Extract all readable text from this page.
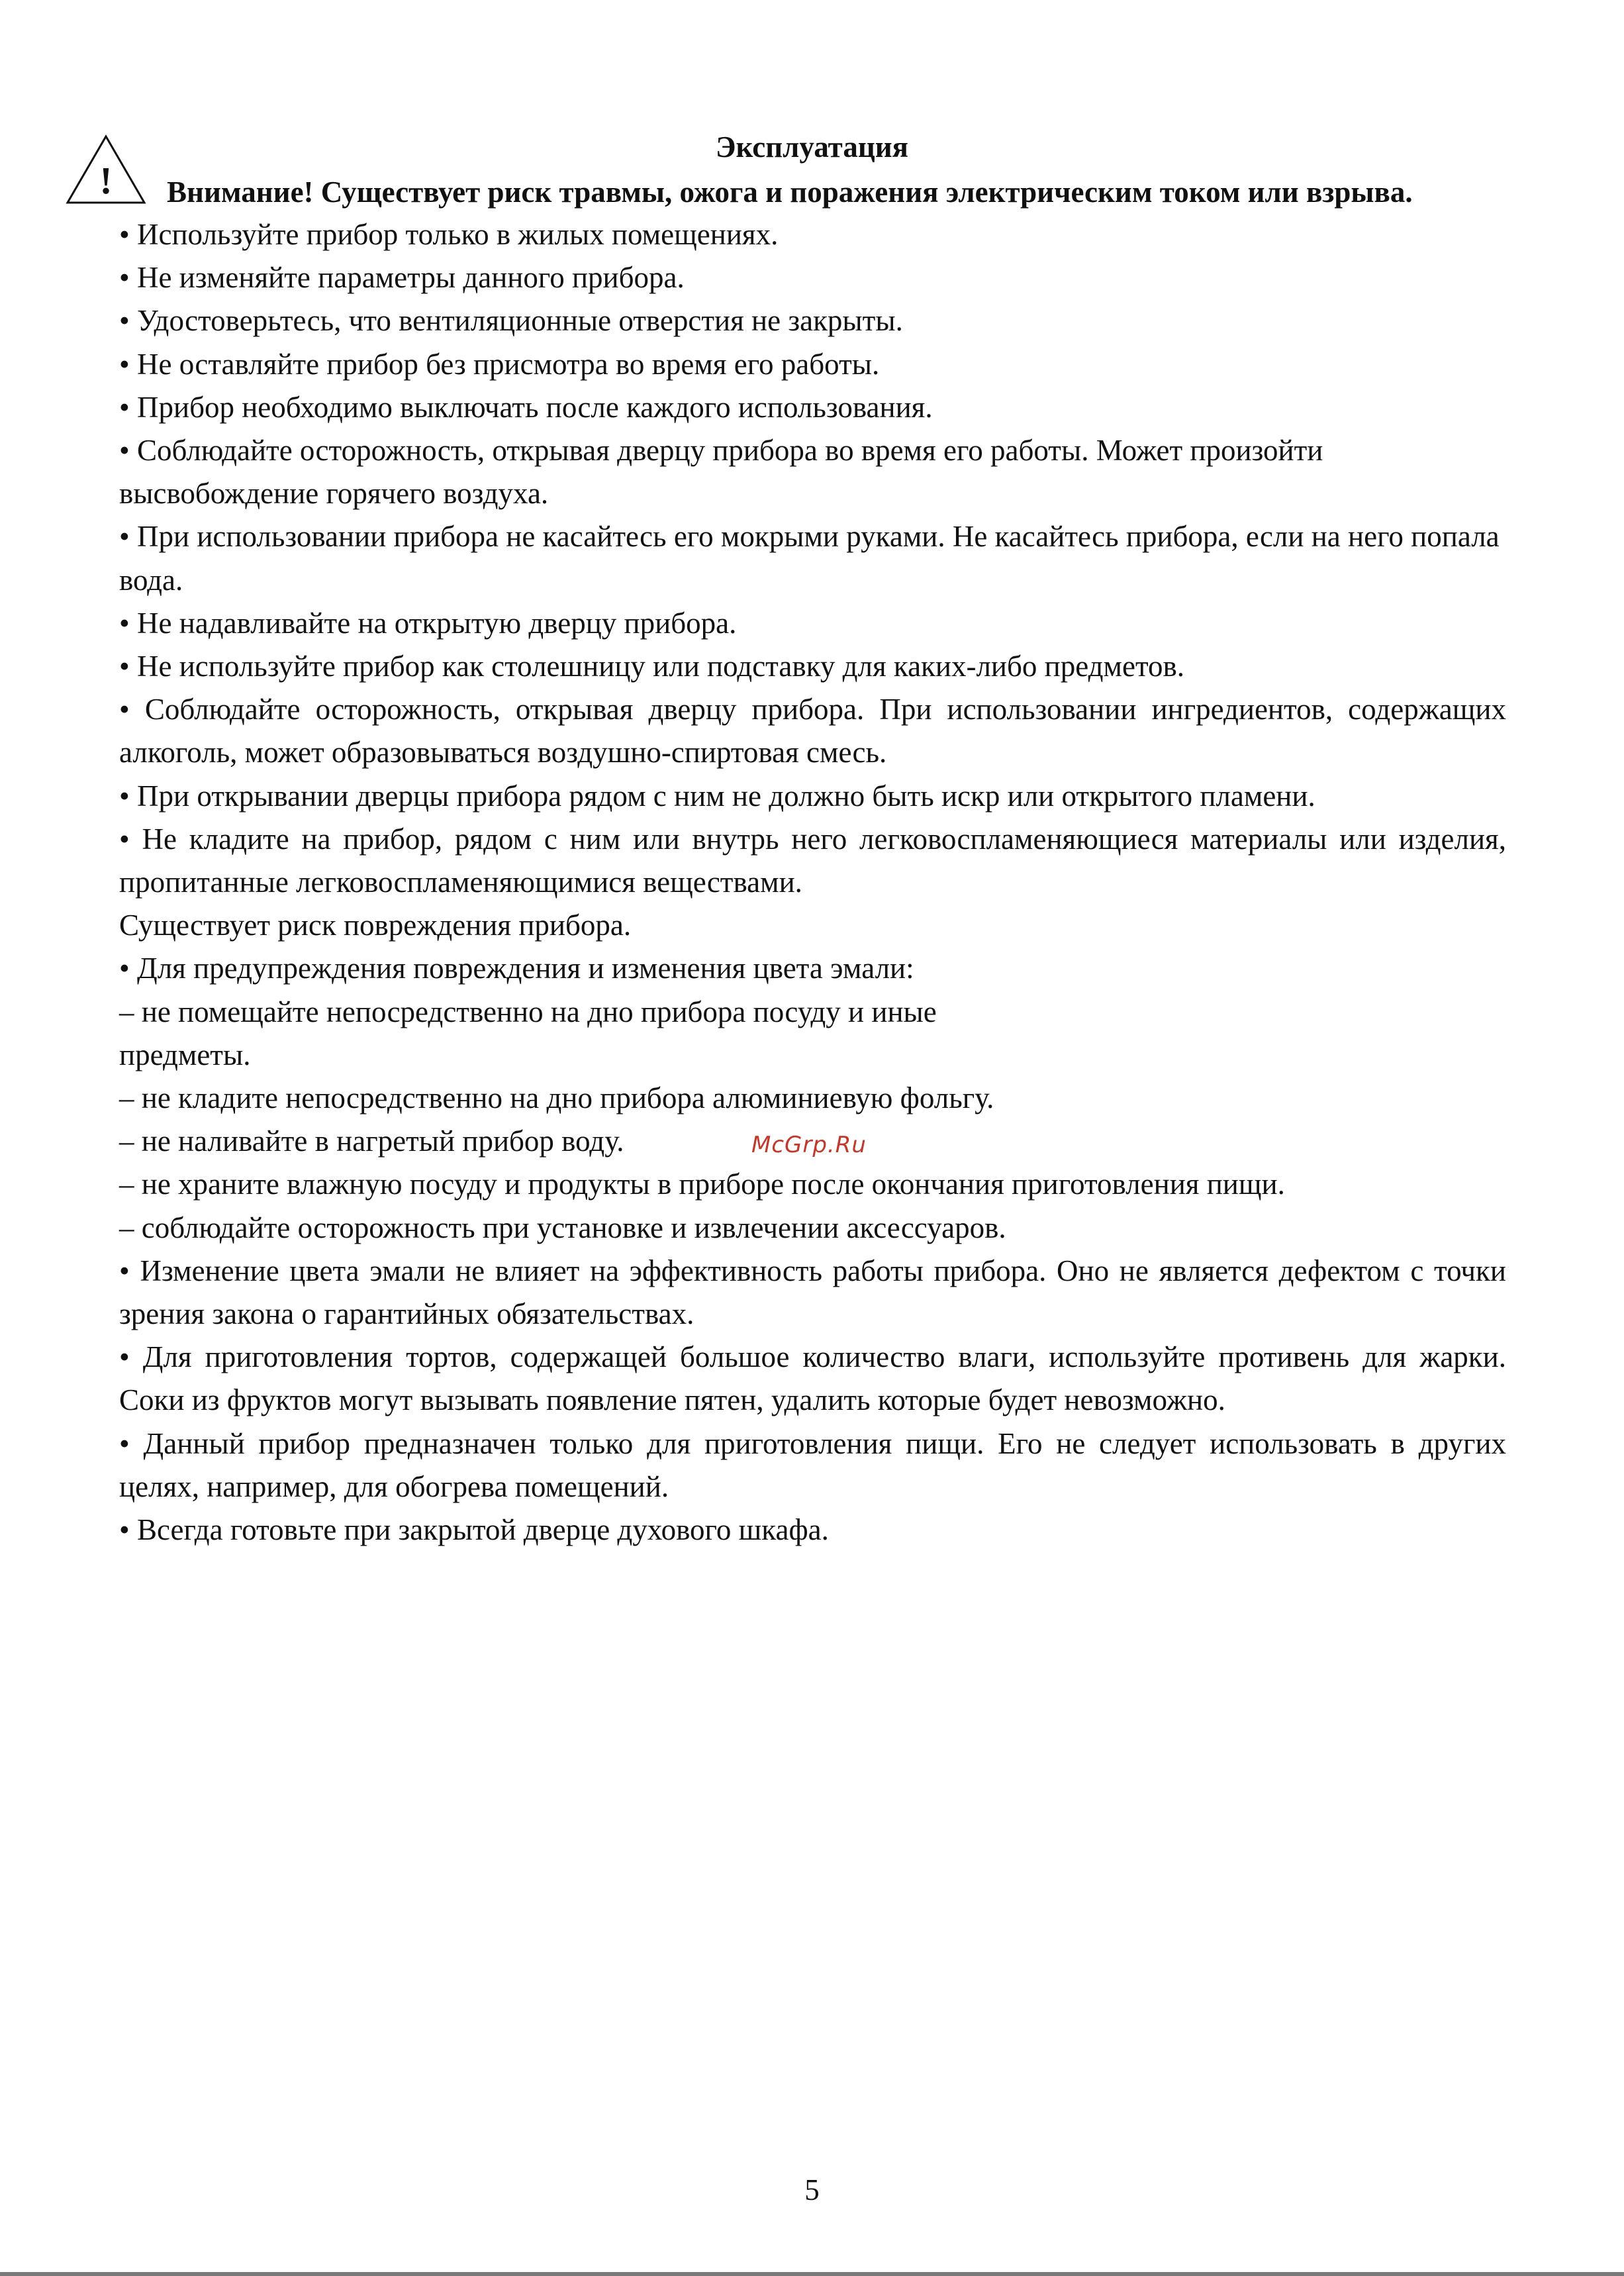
!
Эксплуатация

Внимание! Существует риск травмы, ожога и поражения электрическим током или взрыва.

• Используйте прибор только в жилых помещениях.

• Не изменяйте параметры данного прибора.

• Удостоверьтесь, что вентиляционные отверстия не закрыты.

• Не оставляйте прибор без присмотра во время его работы.

• Прибор необходимо выключать после каждого использования.

• Соблюдайте осторожность, открывая дверцу прибора во время его работы. Может произойти высвобождение горячего воздуха.

• При использовании прибора не касайтесь его мокрыми руками. Не касайтесь прибора, если на него попала вода.

• Не надавливайте на открытую дверцу прибора.

• Не используйте прибор как столешницу или подставку для каких-либо предметов.

• Соблюдайте осторожность, открывая дверцу прибора. При использовании ингредиентов, содержащих алкоголь, может образовываться воздушно-спиртовая смесь.

• При открывании дверцы прибора рядом с ним не должно быть искр или открытого пламени.

• Не кладите на прибор, рядом с ним или внутрь него легковоспламеняющиеся материалы или изделия, пропитанные легковоспламеняющимися веществами.

Существует риск повреждения прибора.

• Для предупреждения повреждения и изменения цвета эмали:

– не помещайте непосредственно на дно прибора посуду и иные

предметы.

– не кладите непосредственно на дно прибора алюминиевую фольгу.

– не наливайте в нагретый прибор воду.	McGrp.Ru

– не храните влажную посуду и продукты в приборе после окончания приготовления пищи.

– соблюдайте осторожность при установке и извлечении аксессуаров.

• Изменение цвета эмали не влияет на эффективность работы прибора. Оно не является дефектом с точки зрения закона о гарантийных обязательствах.

• Для приготовления тортов, содержащей большое количество влаги, используйте противень для жарки. Соки из фруктов могут вызывать появление пятен, удалить которые будет невозможно.

• Данный прибор предназначен только для приготовления пищи. Его не следует использовать в других целях, например, для обогрева помещений.

• Всегда готовьте при закрытой дверце духового шкафа.

5
